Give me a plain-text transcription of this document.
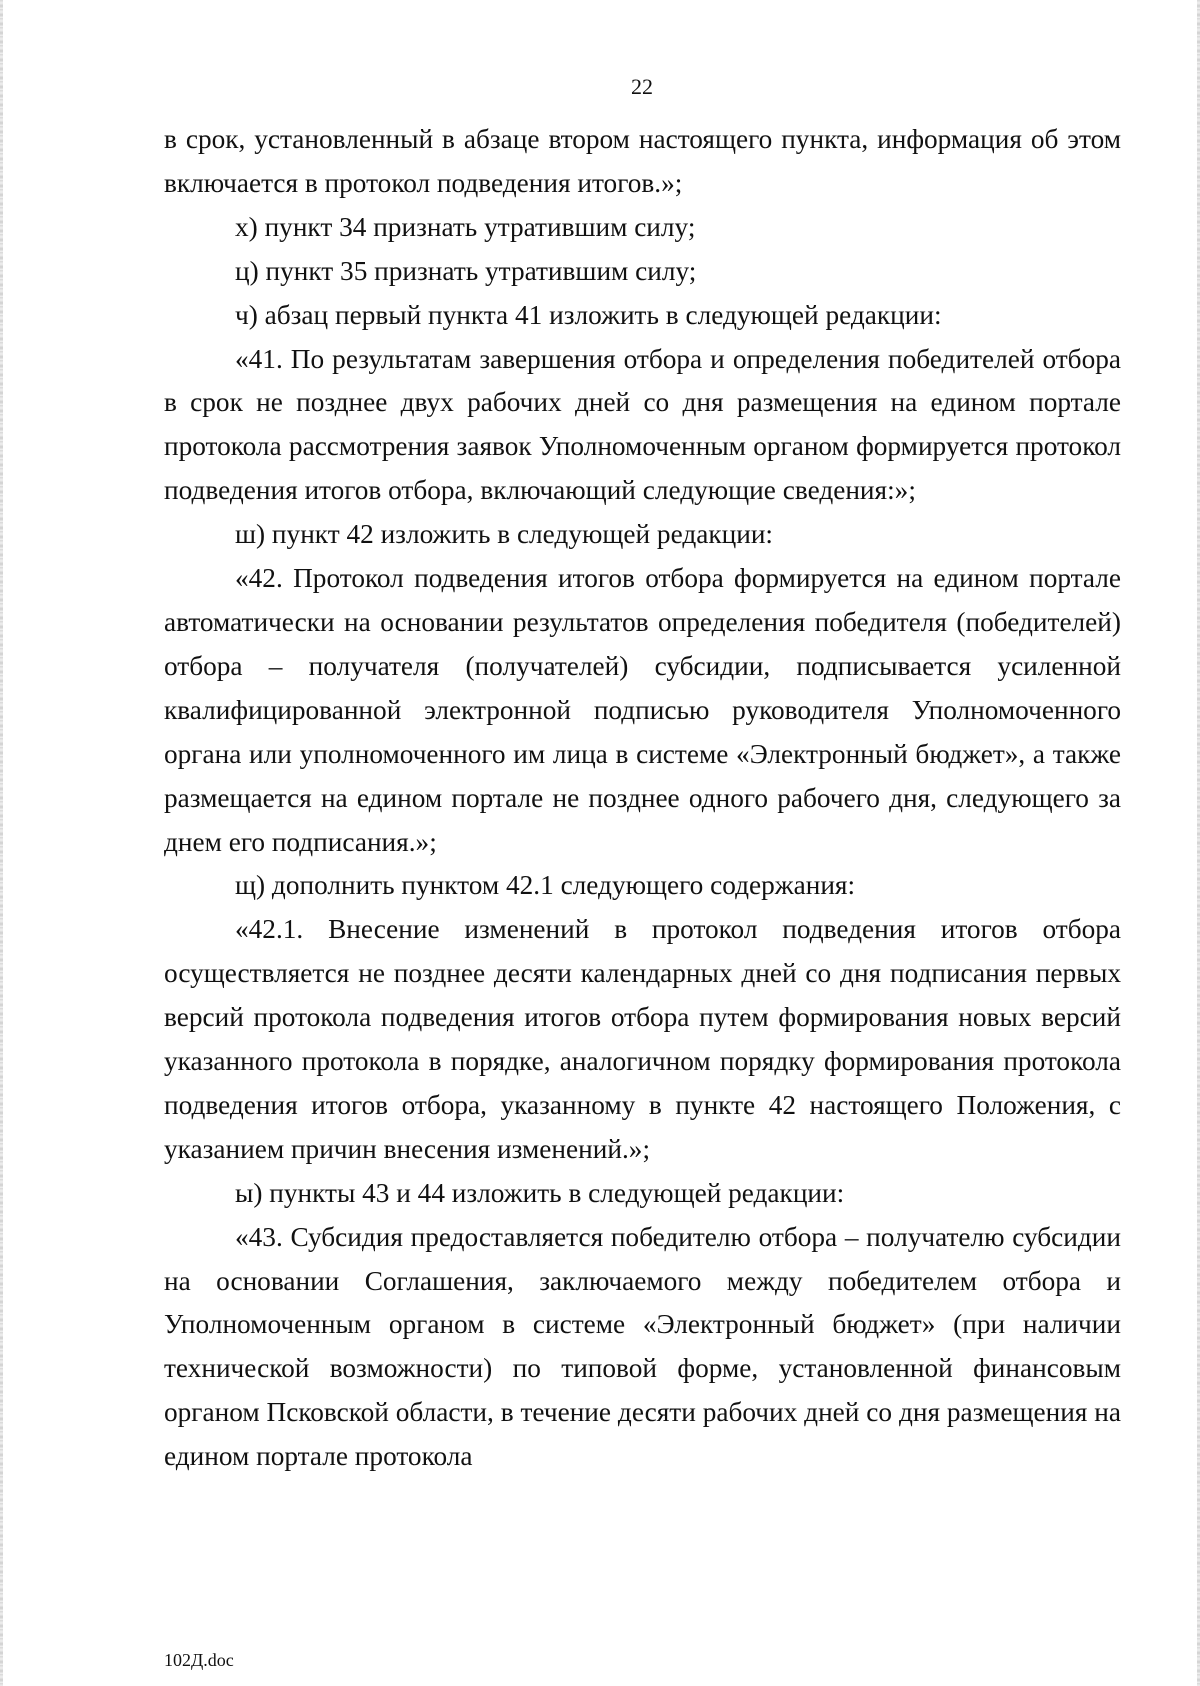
22

в срок, установленный в абзаце втором настоящего пункта, информация об этом включается в протокол подведения итогов.»;

х) пункт 34 признать утратившим силу;

ц) пункт 35 признать утратившим силу;

ч) абзац первый пункта 41 изложить в следующей редакции:

«41. По результатам завершения отбора и определения победителей отбора в срок не позднее двух рабочих дней со дня размещения на едином портале протокола рассмотрения заявок Уполномоченным органом формируется протокол подведения итогов отбора, включающий следующие сведения:»;

ш) пункт 42 изложить в следующей редакции:

«42. Протокол подведения итогов отбора формируется на едином портале автоматически на основании результатов определения победителя (победителей) отбора – получателя (получателей) субсидии, подписывается усиленной квалифицированной электронной подписью руководителя Уполномоченного органа или уполномоченного им лица в системе «Электронный бюджет», а также размещается на едином портале не позднее одного рабочего дня, следующего за днем его подписания.»;

щ) дополнить пунктом 42.1 следующего содержания:

«42.1. Внесение изменений в протокол подведения итогов отбора осуществляется не позднее десяти календарных дней со дня подписания первых версий протокола подведения итогов отбора путем формирования новых версий указанного протокола в порядке, аналогичном порядку формирования протокола подведения итогов отбора, указанному в пункте 42 настоящего Положения, с указанием причин внесения изменений.»;

ы) пункты 43 и 44 изложить в следующей редакции:

«43. Субсидия предоставляется победителю отбора – получателю субсидии на основании Соглашения, заключаемого между победителем отбора и Уполномоченным органом в системе «Электронный бюджет» (при наличии технической возможности) по типовой форме, установленной финансовым органом Псковской области, в течение десяти рабочих дней со дня размещения на едином портале протокола

102Д.doc
